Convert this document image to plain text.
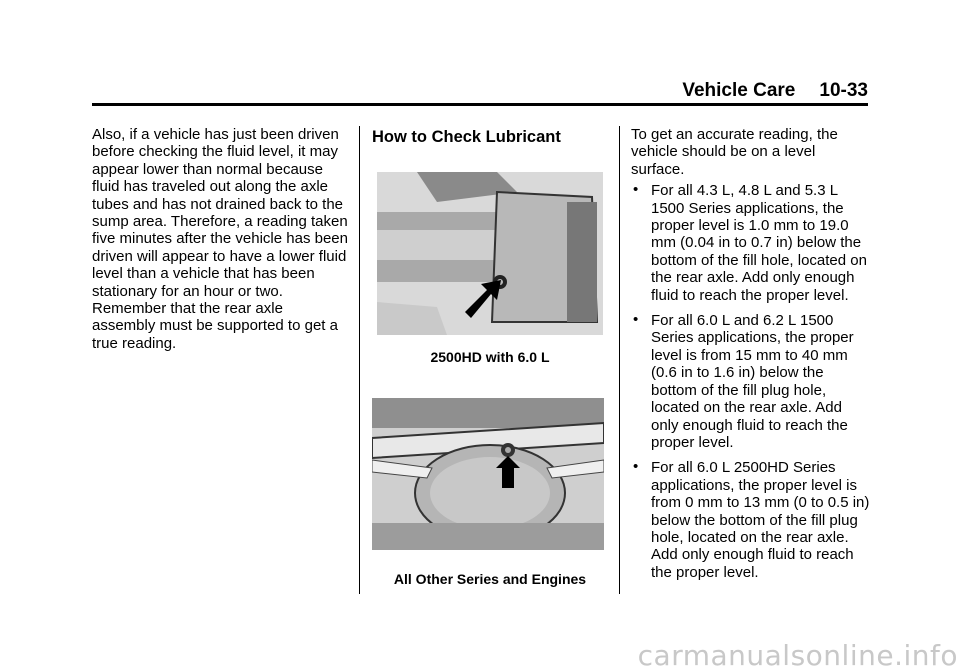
Vehicle Care 10-33

Also, if a vehicle has just been driven before checking the fluid level, it may appear lower than normal because fluid has traveled out along the axle tubes and has not drained back to the sump area. Therefore, a reading taken five minutes after the vehicle has been driven will appear to have a lower fluid level than a vehicle that has been stationary for an hour or two. Remember that the rear axle assembly must be supported to get a true reading.

How to Check Lubricant
2500HD with 6.0 L
All Other Series and Engines

To get an accurate reading, the vehicle should be on a level surface.

• For all 4.3 L, 4.8 L and 5.3 L 1500 Series applications, the proper level is 1.0 mm to 19.0 mm (0.04 in to 0.7 in) below the bottom of the fill hole, located on the rear axle. Add only enough fluid to reach the proper level.
• For all 6.0 L and 6.2 L 1500 Series applications, the proper level is from 15 mm to 40 mm (0.6 in to 1.6 in) below the bottom of the fill plug hole, located on the rear axle. Add only enough fluid to reach the proper level.
• For all 6.0 L 2500HD Series applications, the proper level is from 0 mm to 13 mm (0 to 0.5 in) below the bottom of the fill plug hole, located on the rear axle. Add only enough fluid to reach the proper level.
carmanualsonline.info
